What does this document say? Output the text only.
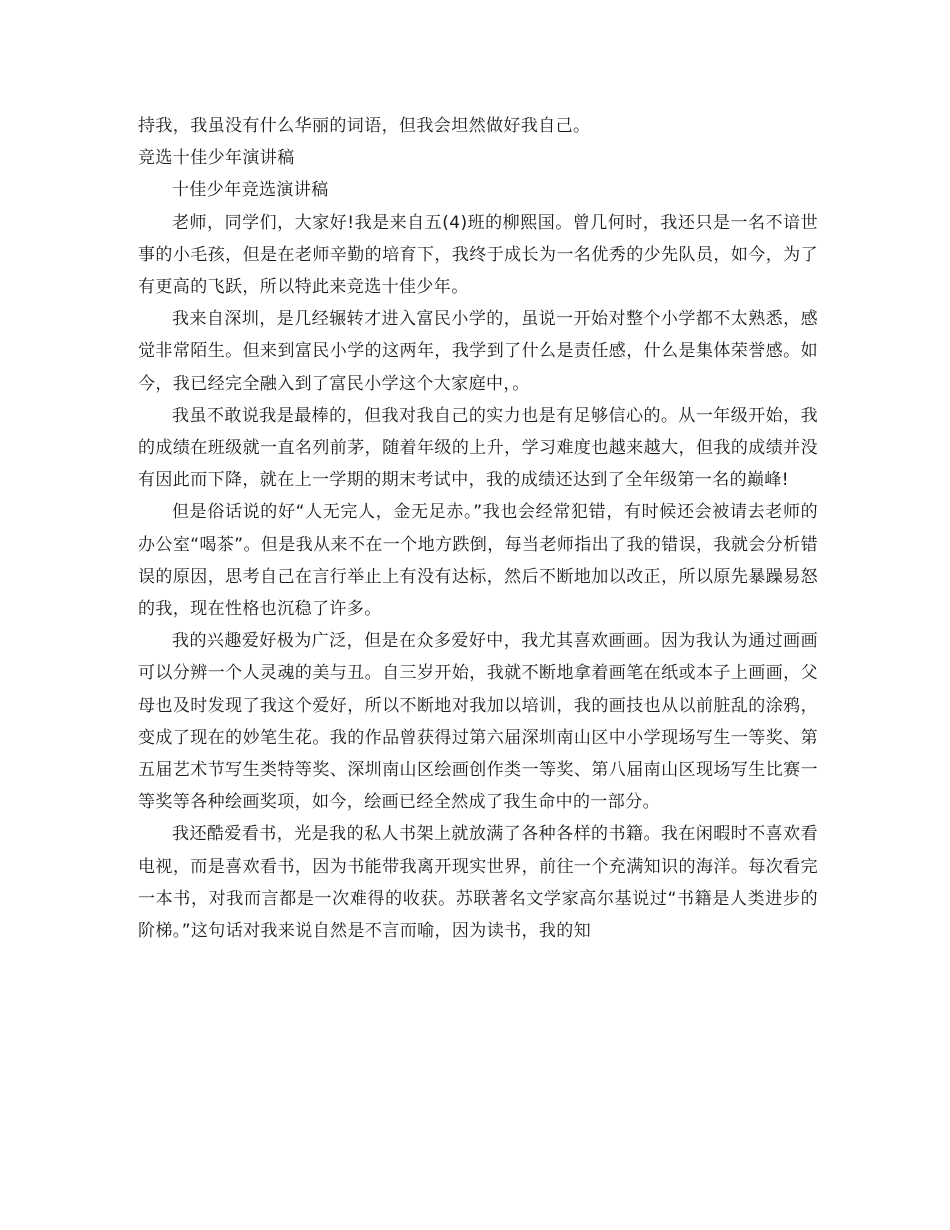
持我，我虽没有什么华丽的词语，但我会坦然做好我自己。

竞选十佳少年演讲稿

十佳少年竞选演讲稿

老师，同学们，大家好!我是来自五(4)班的柳熙国。曾几何时，我还只是一名不谙世事的小毛孩，但是在老师辛勤的培育下，我终于成长为一名优秀的少先队员，如今，为了有更高的飞跃，所以特此来竞选十佳少年。

我来自深圳，是几经辗转才进入富民小学的，虽说一开始对整个小学都不太熟悉，感觉非常陌生。但来到富民小学的这两年，我学到了什么是责任感，什么是集体荣誉感。如今，我已经完全融入到了富民小学这个大家庭中，。

我虽不敢说我是最棒的，但我对我自己的实力也是有足够信心的。从一年级开始，我的成绩在班级就一直名列前茅，随着年级的上升，学习难度也越来越大，但我的成绩并没有因此而下降，就在上一学期的期末考试中，我的成绩还达到了全年级第一名的巅峰!

但是俗话说的好“人无完人，金无足赤。”我也会经常犯错，有时候还会被请去老师的办公室“喝茶”。但是我从来不在一个地方跌倒，每当老师指出了我的错误，我就会分析错误的原因，思考自己在言行举止上有没有达标，然后不断地加以改正，所以原先暴躁易怒的我，现在性格也沉稳了许多。

我的兴趣爱好极为广泛，但是在众多爱好中，我尤其喜欢画画。因为我认为通过画画可以分辨一个人灵魂的美与丑。自三岁开始，我就不断地拿着画笔在纸或本子上画画，父母也及时发现了我这个爱好，所以不断地对我加以培训，我的画技也从以前脏乱的涂鸦，变成了现在的妙笔生花。我的作品曾获得过第六届深圳南山区中小学现场写生一等奖、第五届艺术节写生类特等奖、深圳南山区绘画创作类一等奖、第八届南山区现场写生比赛一等奖等各种绘画奖项，如今，绘画已经全然成了我生命中的一部分。

我还酷爱看书，光是我的私人书架上就放满了各种各样的书籍。我在闲暇时不喜欢看电视，而是喜欢看书，因为书能带我离开现实世界，前往一个充满知识的海洋。每次看完一本书，对我而言都是一次难得的收获。苏联著名文学家高尔基说过“书籍是人类进步的阶梯。”这句话对我来说自然是不言而喻，因为读书，我的知
